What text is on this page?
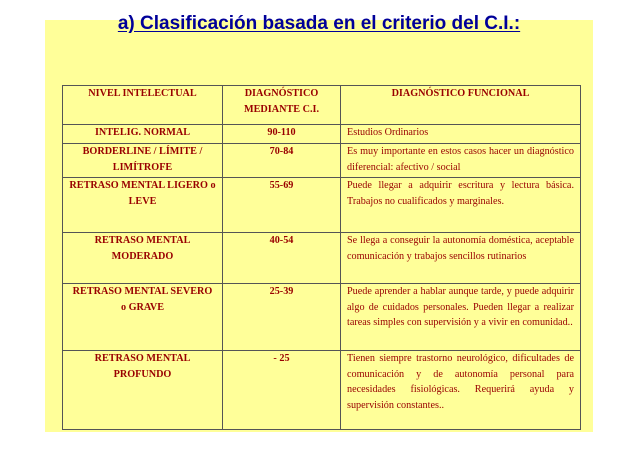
a) Clasificación basada en el criterio del C.I.:
NIVEL INTELECTUAL	DIAGNÓSTICO MEDIANTE C.I.	DIAGNÓSTICO FUNCIONAL
INTELIG. NORMAL	90-110	Estudios Ordinarios
BORDERLINE / LÍMITE / LIMÍTROFE	70-84	Es muy importante en estos casos hacer un diagnóstico diferencial: afectivo / social
RETRASO MENTAL LIGERO o LEVE	55-69	Puede llegar a adquirir escritura y lectura básica. Trabajos no cualificados y marginales.
RETRASO MENTAL MODERADO	40-54	Se llega a conseguir la autonomía doméstica, aceptable comunicación y trabajos sencillos rutinarios
RETRASO MENTAL SEVERO o GRAVE	25-39	Puede aprender a hablar aunque tarde, y puede adquirir algo de cuidados personales. Pueden llegar a realizar tareas simples con supervisión y a vivir en comunidad..
RETRASO MENTAL PROFUNDO	- 25	Tienen siempre trastorno neurológico, dificultades de comunicación y de autonomía personal para necesidades fisiológicas. Requerirá ayuda y supervisión constantes..
